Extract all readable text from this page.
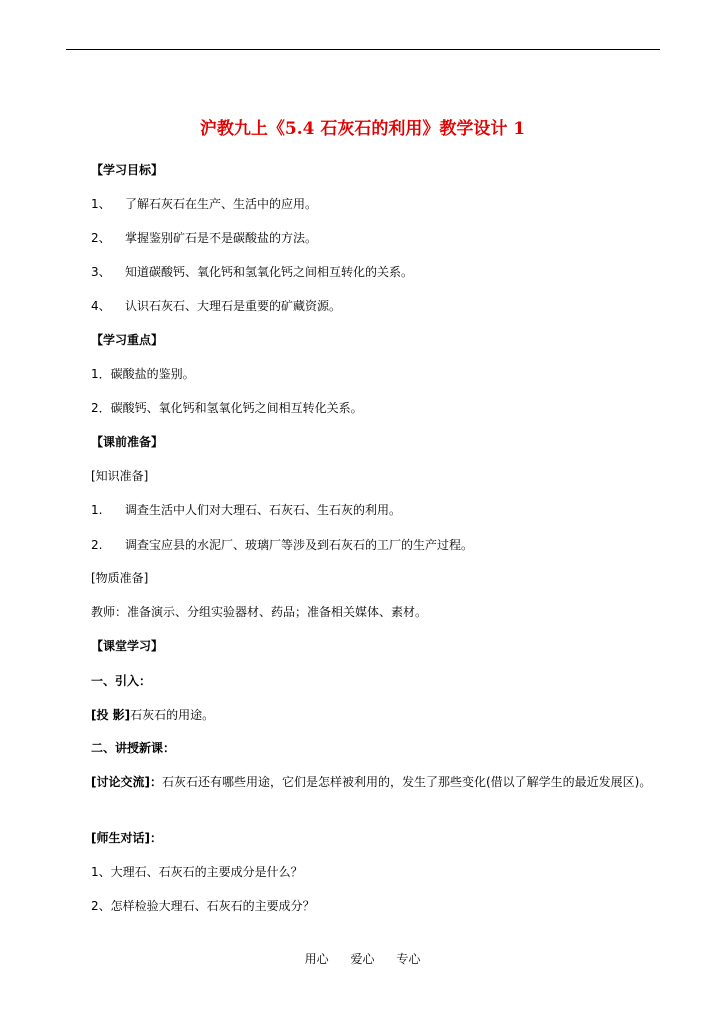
沪教九上《5.4 石灰石的利用》教学设计 1
【学习目标】
1、 了解石灰石在生产、生活中的应用。
2、 掌握鉴别矿石是不是碳酸盐的方法。
3、 知道碳酸钙、氧化钙和氢氧化钙之间相互转化的关系。
4、 认识石灰石、大理石是重要的矿藏资源。
【学习重点】
1．碳酸盐的鉴别。
2．碳酸钙、氧化钙和氢氧化钙之间相互转化关系。
【课前准备】
[知识准备]
1. 调查生活中人们对大理石、石灰石、生石灰的利用。
2. 调查宝应县的水泥厂、玻璃厂等涉及到石灰石的工厂的生产过程。
[物质准备]
教师：准备演示、分组实验器材、药品；准备相关媒体、素材。
【课堂学习】
一、引入：
[投 影]石灰石的用途。
二、讲授新课：
[讨论交流]：石灰石还有哪些用途，它们是怎样被利用的，发生了那些变化(借以了解学生的最近发展区)。
[师生对话]：
1、大理石、石灰石的主要成分是什么？
2、怎样检验大理石、石灰石的主要成分？
用心 爱心 专心
